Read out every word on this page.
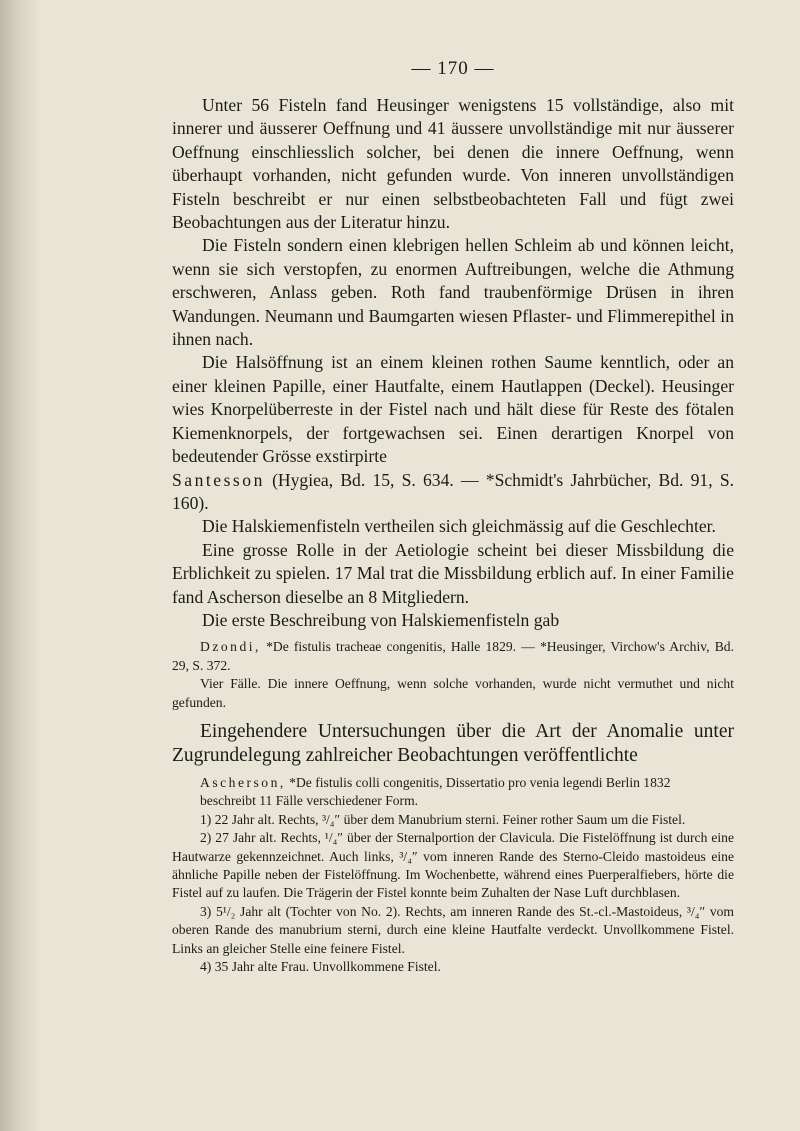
— 170 —

Unter 56 Fisteln fand Heusinger wenigstens 15 vollständige, also mit innerer und äusserer Oeffnung und 41 äussere unvollständige mit nur äusserer Oeffnung einschliesslich solcher, bei denen die innere Oeffnung, wenn überhaupt vorhanden, nicht gefunden wurde. Von inneren unvollständigen Fisteln beschreibt er nur einen selbstbeobachteten Fall und fügt zwei Beobachtungen aus der Literatur hinzu.

Die Fisteln sondern einen klebrigen hellen Schleim ab und können leicht, wenn sie sich verstopfen, zu enormen Auftreibungen, welche die Athmung erschweren, Anlass geben. Roth fand traubenförmige Drüsen in ihren Wandungen. Neumann und Baumgarten wiesen Pflaster- und Flimmerepithel in ihnen nach.

Die Halsöffnung ist an einem kleinen rothen Saume kenntlich, oder an einer kleinen Papille, einer Hautfalte, einem Hautlappen (Deckel). Heusinger wies Knorpelüberreste in der Fistel nach und hält diese für Reste des fötalen Kiemenknorpels, der fortgewachsen sei. Einen derartigen Knorpel von bedeutender Grösse exstirpirte
Santesson (Hygiea, Bd. 15, S. 634. — *Schmidt's Jahrbücher, Bd. 91, S. 160).

Die Halskiemenfisteln vertheilen sich gleichmässig auf die Geschlechter.

Eine grosse Rolle in der Aetiologie scheint bei dieser Missbildung die Erblichkeit zu spielen. 17 Mal trat die Missbildung erblich auf. In einer Familie fand Ascherson dieselbe an 8 Mitgliedern.

Die erste Beschreibung von Halskiemenfisteln gab

Dzondi, *De fistulis tracheae congenitis, Halle 1829. — *Heusinger, Virchow's Archiv, Bd. 29, S. 372.

Vier Fälle. Die innere Oeffnung, wenn solche vorhanden, wurde nicht vermuthet und nicht gefunden.

Eingehendere Untersuchungen über die Art der Anomalie unter Zugrundelegung zahlreicher Beobachtungen veröffentlichte

Ascherson, *De fistulis colli congenitis, Dissertatio pro venia legendi Berlin 1832

beschreibt 11 Fälle verschiedener Form.

1) 22 Jahr alt. Rechts, ³/₄″ über dem Manubrium sterni. Feiner rother Saum um die Fistel.

2) 27 Jahr alt. Rechts, ¹/₄″ über der Sternalportion der Clavicula. Die Fistelöffnung ist durch eine Hautwarze gekennzeichnet. Auch links, ³/₄″ vom inneren Rande des Sterno-Cleido mastoideus eine ähnliche Papille neben der Fistelöffnung. Im Wochenbette, während eines Puerperalfiebers, hörte die Fistel auf zu laufen. Die Trägerin der Fistel konnte beim Zuhalten der Nase Luft durchblasen.

3) 5¹/₂ Jahr alt (Tochter von No. 2). Rechts, am inneren Rande des St.-cl.-Mastoideus, ³/₄″ vom oberen Rande des manubrium sterni, durch eine kleine Hautfalte verdeckt. Unvollkommene Fistel. Links an gleicher Stelle eine feinere Fistel.

4) 35 Jahr alte Frau. Unvollkommene Fistel.
